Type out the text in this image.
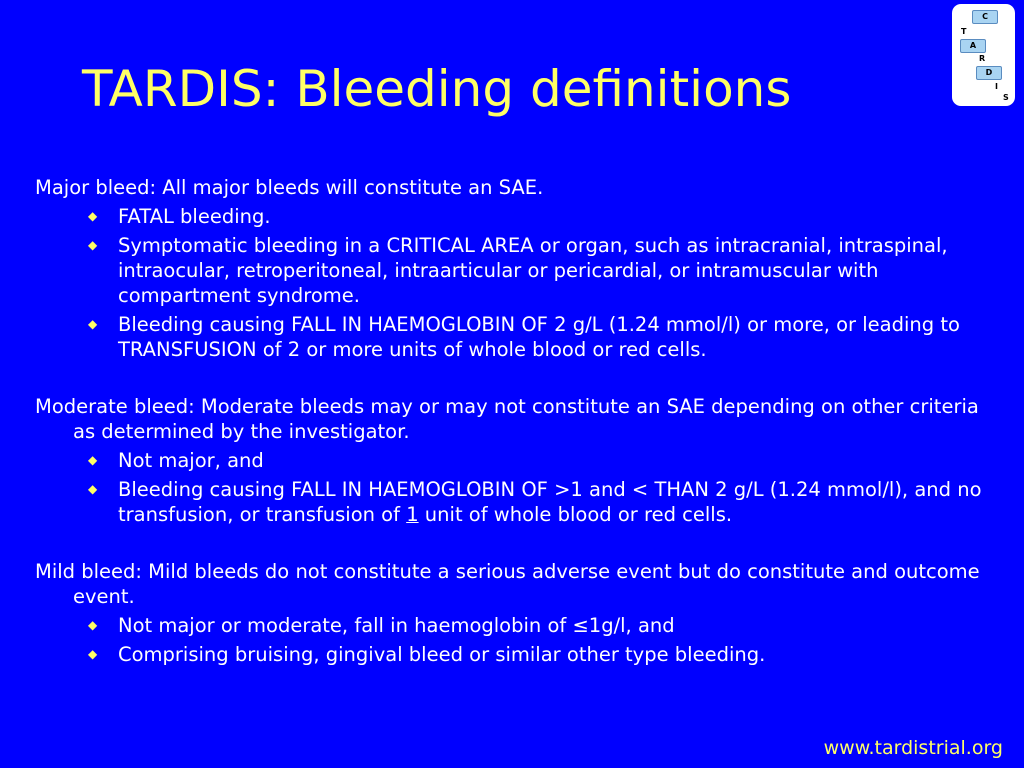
TARDIS: Bleeding definitions
C
T
A
R
D
I
S

Major bleed: All major bleeds will constitute an SAE.

◆ FATAL bleeding.
◆ Symptomatic bleeding in a CRITICAL AREA or organ, such as intracranial, intraspinal, intraocular, retroperitoneal, intraarticular or pericardial, or intramuscular with compartment syndrome.
◆ Bleeding causing FALL IN HAEMOGLOBIN OF 2 g/L (1.24 mmol/l) or more, or leading to TRANSFUSION of 2 or more units of whole blood or red cells.

Moderate bleed: Moderate bleeds may or may not constitute an SAE depending on other criteria as determined by the investigator.

◆ Not major, and
◆ Bleeding causing FALL IN HAEMOGLOBIN OF >1 and < THAN 2 g/L (1.24 mmol/l), and no transfusion, or transfusion of 1 unit of whole blood or red cells.

Mild bleed: Mild bleeds do not constitute a serious adverse event but do constitute and outcome event.

◆ Not major or moderate, fall in haemoglobin of ≤1g/l, and
◆ Comprising bruising, gingival bleed or similar other type bleeding.
www.tardistrial.org
